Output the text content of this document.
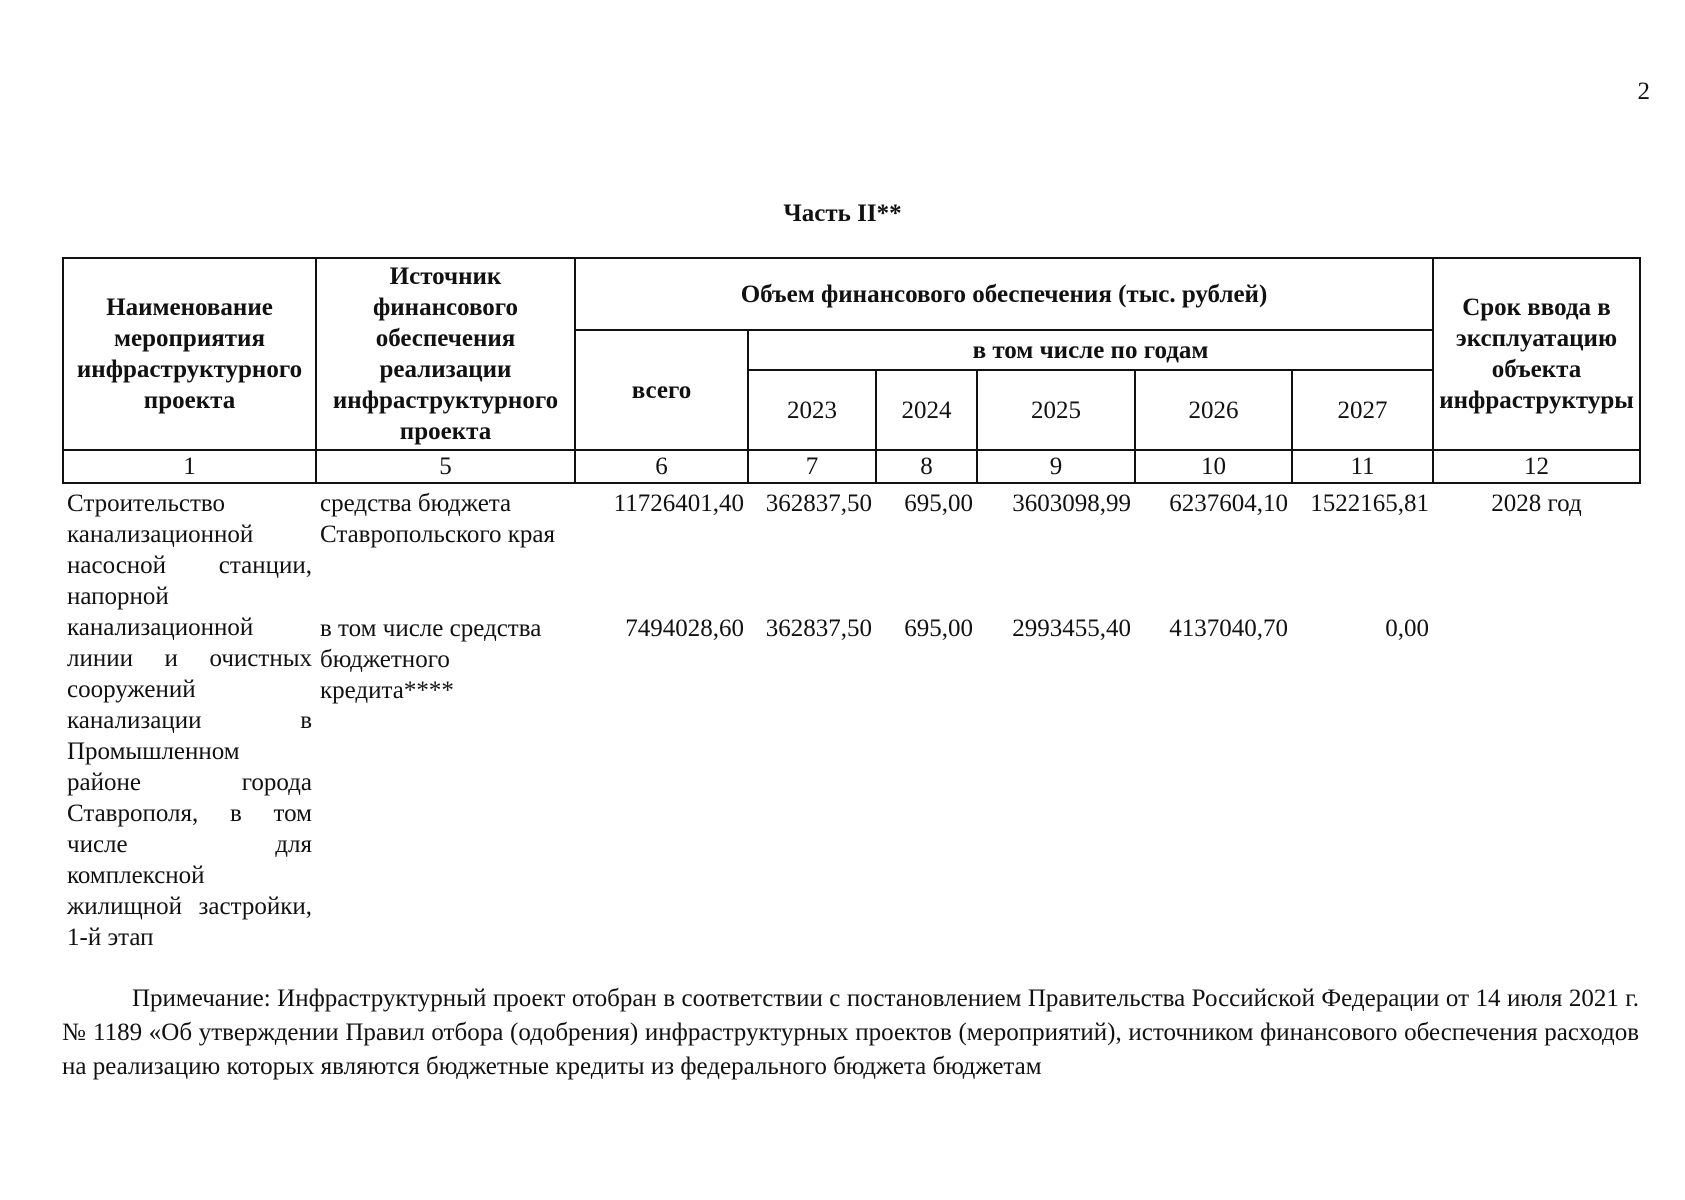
2
Часть II**
Наименование мероприятия инфраструктурного проекта	Источник финансового обеспечения реализации инфраструктурного проекта	Объем финансового обеспечения (тыс. рублей)						Срок ввода в эксплуатацию объекта инфраструктуры
		всего	в том числе по годам					
			2023	2024	2025	2026	2027	
1	5	6	7	8	9	10	11	12
Строительство канализационной насосной станции, напорной канализационной линии и очистных сооружений канализации в Промышленном районе города Ставрополя, в том числе для комплексной жилищной застройки, 1-й этап	средства бюджета Ставропольского края	11726401,40	362837,50	695,00	3603098,99	6237604,10	1522165,81	2028 год
	в том числе средства бюджетного кредита****	7494028,60	362837,50	695,00	2993455,40	4137040,70	0,00	
Примечание: Инфраструктурный проект отобран в соответствии с постановлением Правительства Российской Федерации от 14 июля 2021 г. № 1189 «Об утверждении Правил отбора (одобрения) инфраструктурных проектов (мероприятий), источником финансового обеспечения расходов на реализацию которых являются бюджетные кредиты из федерального бюджета бюджетам
